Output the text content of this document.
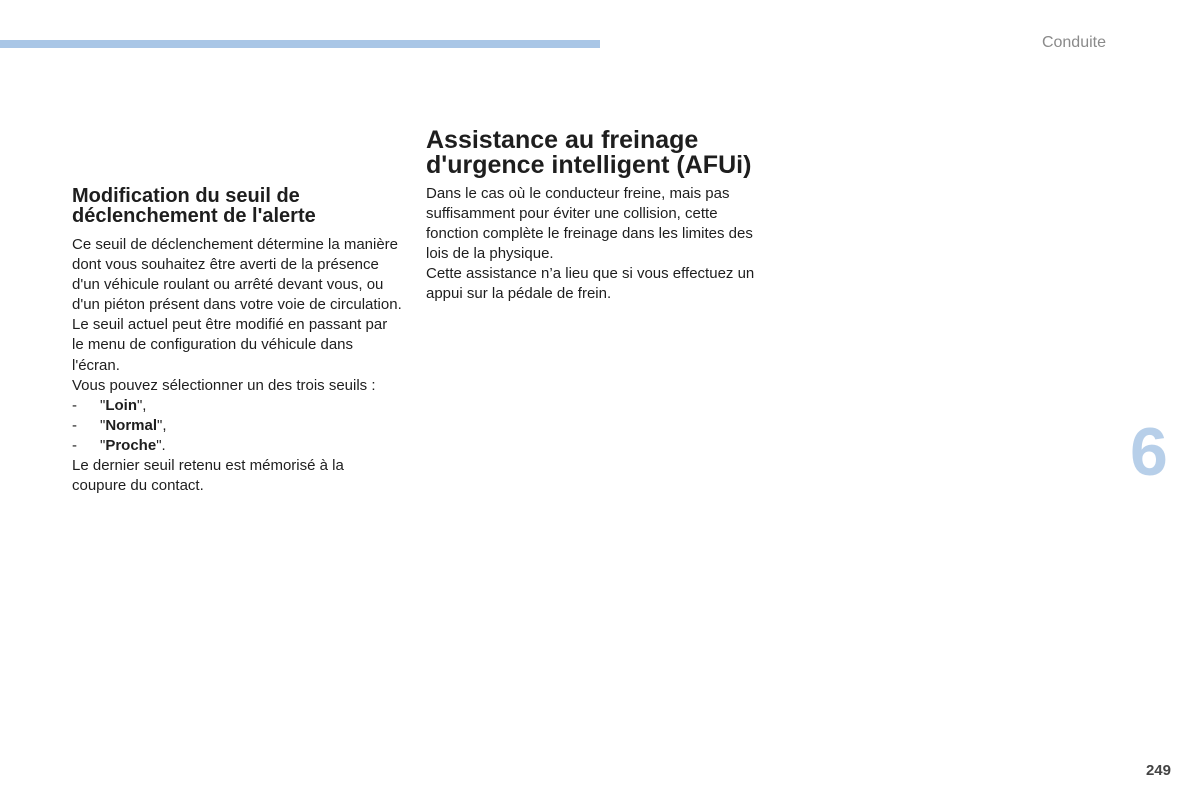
Conduite
Modification du seuil de déclenchement de l'alerte

Ce seuil de déclenchement détermine la manière dont vous souhaitez être averti de la présence d'un véhicule roulant ou arrêté devant vous, ou d'un piéton présent dans votre voie de circulation.

Le seuil actuel peut être modifié en passant par le menu de configuration du véhicule dans l'écran.

Vous pouvez sélectionner un des trois seuils :

- "Loin",
- "Normal",
- "Proche".

Le dernier seuil retenu est mémorisé à la coupure du contact.

Assistance au freinage d'urgence intelligent (AFUi)

Dans le cas où le conducteur freine, mais pas suffisamment pour éviter une collision, cette fonction complète le freinage dans les limites des lois de la physique.

Cette assistance n’a lieu que si vous effectuez un appui sur la pédale de frein.

6
249
